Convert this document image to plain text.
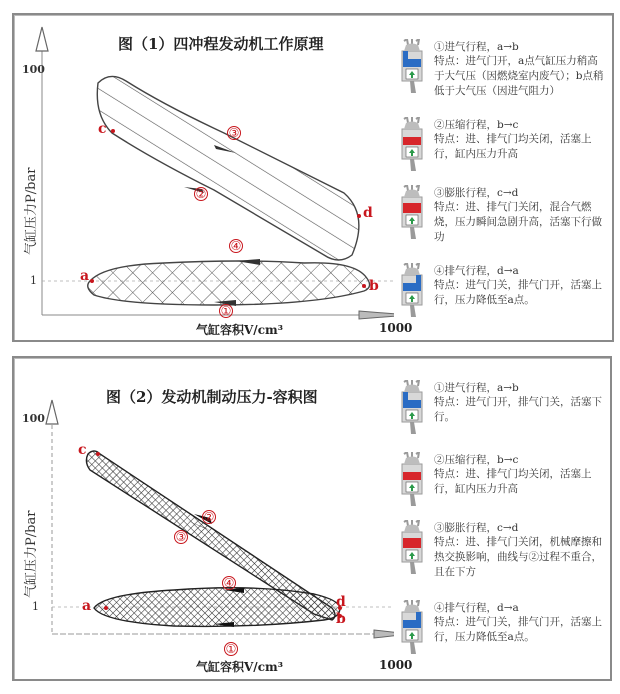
图（1）四冲程发动机工作原理
气缸压力P/bar
100
1
气缸容积V/cm³	1000
c
d
a
b
③
②
④
①
①进气行程，a→b
特点：进气门开，a点气缸压力稍高于大气压（因燃烧室内废气）；b点稍低于大气压（因进气阻力）
②压缩行程，b→c
特点：进、排气门均关闭，活塞上行，缸内压力升高
③膨胀行程，c→d
特点：进、排气门关闭，混合气燃烧，压力瞬间急剧升高，活塞下行做功
④排气行程，d→a
特点：进气门关，排气门开，活塞上行，压力降低至a点。
图（2）发动机制动压力-容积图
气缸压力P/bar
100
1
气缸容积V/cm³	1000
c
a	d
b
②
③
④
①
①进气行程，a→b
特点：进气门开，排气门关，活塞下行。
②压缩行程，b→c
特点：进、排气门均关闭，活塞上行，缸内压力升高
③膨胀行程，c→d
特点：进、排气门关闭，机械摩擦和热交换影响，曲线与②过程不重合，且在下方
④排气行程，d→a
特点：进气门关，排气门开，活塞上行，压力降低至a点。
